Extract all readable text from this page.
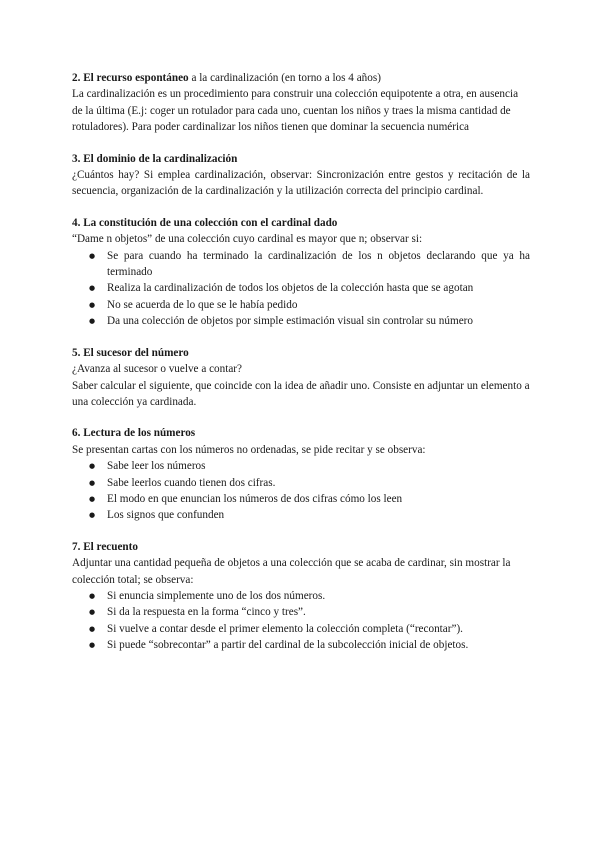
2. El recurso espontáneo a la cardinalización (en torno a los 4 años)

La cardinalización es un procedimiento para construir una colección equipotente a otra, en ausencia de la última (E.j: coger un rotulador para cada uno, cuentan los niños y traes la misma cantidad de rotuladores). Para poder cardinalizar los niños tienen que dominar la secuencia numérica

3. El dominio de la cardinalización

¿Cuántos hay? Si emplea cardinalización, observar: Sincronización entre gestos y recitación de la secuencia, organización de la cardinalización y la utilización correcta del principio cardinal.

4. La constitución de una colección con el cardinal dado

“Dame n objetos” de una colección cuyo cardinal es mayor que n; observar si:

● Se para cuando ha terminado la cardinalización de los n objetos declarando que ya ha terminado
● Realiza la cardinalización de todos los objetos de la colección hasta que se agotan
● No se acuerda de lo que se le había pedido
● Da una colección de objetos por simple estimación visual sin controlar su número
5. El sucesor del número

¿Avanza al sucesor o vuelve a contar?

Saber calcular el siguiente, que coincide con la idea de añadir uno. Consiste en adjuntar un elemento a una colección ya cardinada.

6. Lectura de los números

Se presentan cartas con los números no ordenadas, se pide recitar y se observa:

● Sabe leer los números
● Sabe leerlos cuando tienen dos cifras.
● El modo en que enuncian los números de dos cifras cómo los leen
● Los signos que confunden
7. El recuento

Adjuntar una cantidad pequeña de objetos a una colección que se acaba de cardinar, sin mostrar la colección total; se observa:

● Si enuncia simplemente uno de los dos números.
● Si da la respuesta en la forma “cinco y tres”.
● Si vuelve a contar desde el primer elemento la colección completa (“recontar”).
● Si puede “sobrecontar” a partir del cardinal de la subcolección inicial de objetos.
